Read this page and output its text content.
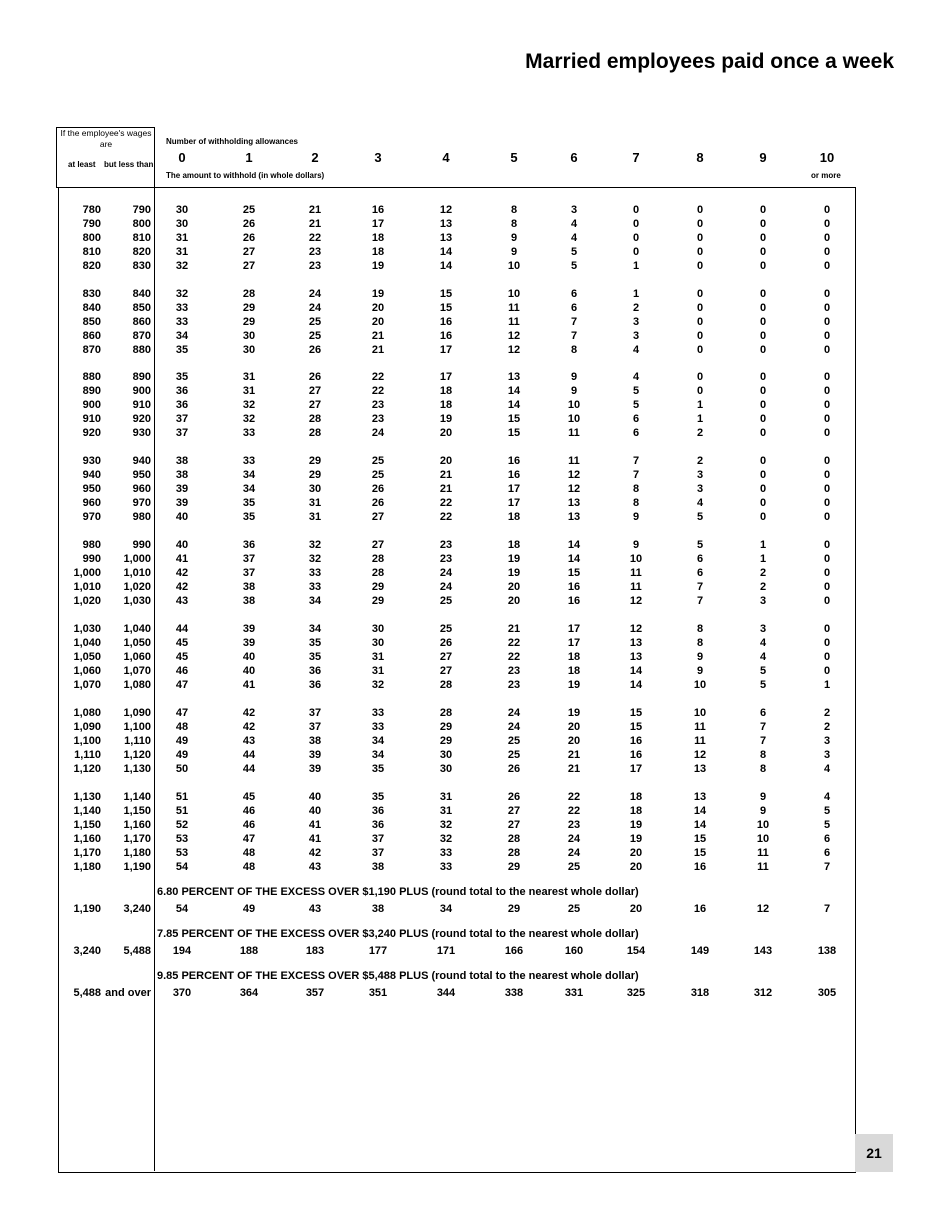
Married employees paid once a week
If the employee's wages are
at least but less than
Number of withholding allowances
The amount to withhold (in whole dollars)	or more
0	1	2	3	4	5	6	7	8	9	10
780	790	30	25	21	16	12	8	3	0	0	0	0
790	800	30	26	21	17	13	8	4	0	0	0	0
800	810	31	26	22	18	13	9	4	0	0	0	0
810	820	31	27	23	18	14	9	5	0	0	0	0
820	830	32	27	23	19	14	10	5	1	0	0	0
830	840	32	28	24	19	15	10	6	1	0	0	0
840	850	33	29	24	20	15	11	6	2	0	0	0
850	860	33	29	25	20	16	11	7	3	0	0	0
860	870	34	30	25	21	16	12	7	3	0	0	0
870	880	35	30	26	21	17	12	8	4	0	0	0
880	890	35	31	26	22	17	13	9	4	0	0	0
890	900	36	31	27	22	18	14	9	5	0	0	0
900	910	36	32	27	23	18	14	10	5	1	0	0
910	920	37	32	28	23	19	15	10	6	1	0	0
920	930	37	33	28	24	20	15	11	6	2	0	0
930	940	38	33	29	25	20	16	11	7	2	0	0
940	950	38	34	29	25	21	16	12	7	3	0	0
950	960	39	34	30	26	21	17	12	8	3	0	0
960	970	39	35	31	26	22	17	13	8	4	0	0
970	980	40	35	31	27	22	18	13	9	5	0	0
980	990	40	36	32	27	23	18	14	9	5	1	0
990	1,000	41	37	32	28	23	19	14	10	6	1	0
1,000	1,010	42	37	33	28	24	19	15	11	6	2	0
1,010	1,020	42	38	33	29	24	20	16	11	7	2	0
1,020	1,030	43	38	34	29	25	20	16	12	7	3	0
1,030	1,040	44	39	34	30	25	21	17	12	8	3	0
1,040	1,050	45	39	35	30	26	22	17	13	8	4	0
1,050	1,060	45	40	35	31	27	22	18	13	9	4	0
1,060	1,070	46	40	36	31	27	23	18	14	9	5	0
1,070	1,080	47	41	36	32	28	23	19	14	10	5	1
1,080	1,090	47	42	37	33	28	24	19	15	10	6	2
1,090	1,100	48	42	37	33	29	24	20	15	11	7	2
1,100	1,110	49	43	38	34	29	25	20	16	11	7	3
1,110	1,120	49	44	39	34	30	25	21	16	12	8	3
1,120	1,130	50	44	39	35	30	26	21	17	13	8	4
1,130	1,140	51	45	40	35	31	26	22	18	13	9	4
1,140	1,150	51	46	40	36	31	27	22	18	14	9	5
1,150	1,160	52	46	41	36	32	27	23	19	14	10	5
1,160	1,170	53	47	41	37	32	28	24	19	15	10	6
1,170	1,180	53	48	42	37	33	28	24	20	15	11	6
1,180	1,190	54	48	43	38	33	29	25	20	16	11	7
6.80 PERCENT OF THE EXCESS OVER $1,190 PLUS (round total to the nearest whole dollar)
1,190	3,240	54	49	43	38	34	29	25	20	16	12	7
7.85 PERCENT OF THE EXCESS OVER $3,240 PLUS (round total to the nearest whole dollar)
3,240	5,488	194	188	183	177	171	166	160	154	149	143	138
9.85 PERCENT OF THE EXCESS OVER $5,488 PLUS (round total to the nearest whole dollar)
5,488 and over	370	364	357	351	344	338	331	325	318	312	305
21
